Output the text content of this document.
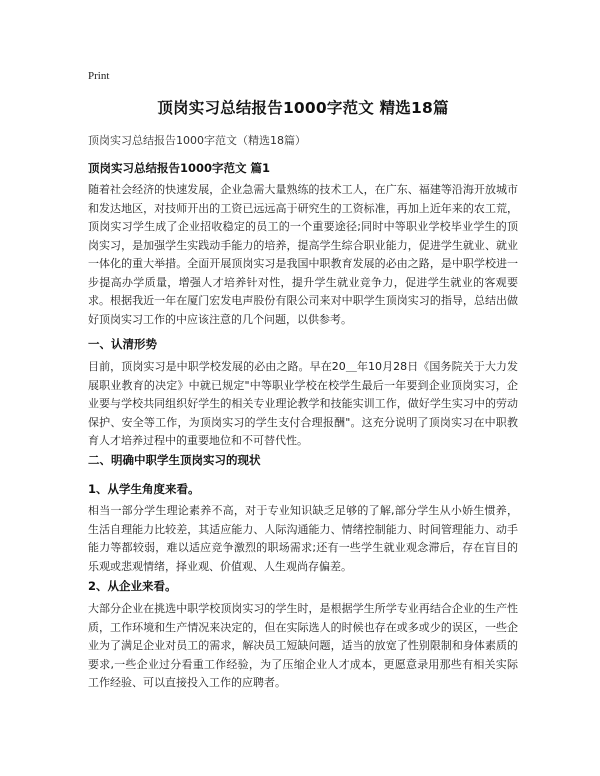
Print
顶岗实习总结报告1000字范文 精选18篇
顶岗实习总结报告1000字范文（精选18篇）
顶岗实习总结报告1000字范文 篇1

随着社会经济的快速发展，企业急需大量熟练的技术工人，在广东、福建等沿海开放城市和发达地区，对技师开出的工资已远远高于研究生的工资标准，再加上近年来的农工荒，顶岗实习学生成了企业招收稳定的员工的一个重要途径;同时中等职业学校毕业学生的顶岗实习，是加强学生实践动手能力的培养，提高学生综合职业能力，促进学生就业、就业一体化的重大举措。全面开展顶岗实习是我国中职教育发展的必由之路，是中职学校进一步提高办学质量，增强人才培养针对性，提升学生就业竞争力，促进学生就业的客观要求。根据我近一年在厦门宏发电声股份有限公司来对中职学生顶岗实习的指导，总结出做好顶岗实习工作的中应该注意的几个问题，以供参考。

一、认清形势

目前，顶岗实习是中职学校发展的必由之路。早在20＿年10月28日《国务院关于大力发展职业教育的决定》中就已规定"中等职业学校在校学生最后一年要到企业顶岗实习，企业要与学校共同组织好学生的相关专业理论教学和技能实训工作，做好学生实习中的劳动保护、安全等工作，为顶岗实习的学生支付合理报酬"。这充分说明了顶岗实习在中职教育人才培养过程中的重要地位和不可替代性。

二、明确中职学生顶岗实习的现状
1、从学生角度来看。

相当一部分学生理论素养不高，对于专业知识缺乏足够的了解,部分学生从小娇生惯养，生活自理能力比较差，其适应能力、人际沟通能力、情绪控制能力、时间管理能力、动手能力等都较弱，难以适应竞争激烈的职场需求;还有一些学生就业观念滞后，存在盲目的乐观或悲观情绪，择业观、价值观、人生观尚存偏差。

2、从企业来看。

大部分企业在挑选中职学校顶岗实习的学生时，是根据学生所学专业再结合企业的生产性质，工作环境和生产情况来决定的，但在实际选人的时候也存在或多或少的误区，一些企业为了满足企业对员工的需求，解决员工短缺问题，适当的放宽了性别限制和身体素质的要求,一些企业过分看重工作经验，为了压缩企业人才成本，更愿意录用那些有相关实际工作经验、可以直接投入工作的应聘者。
